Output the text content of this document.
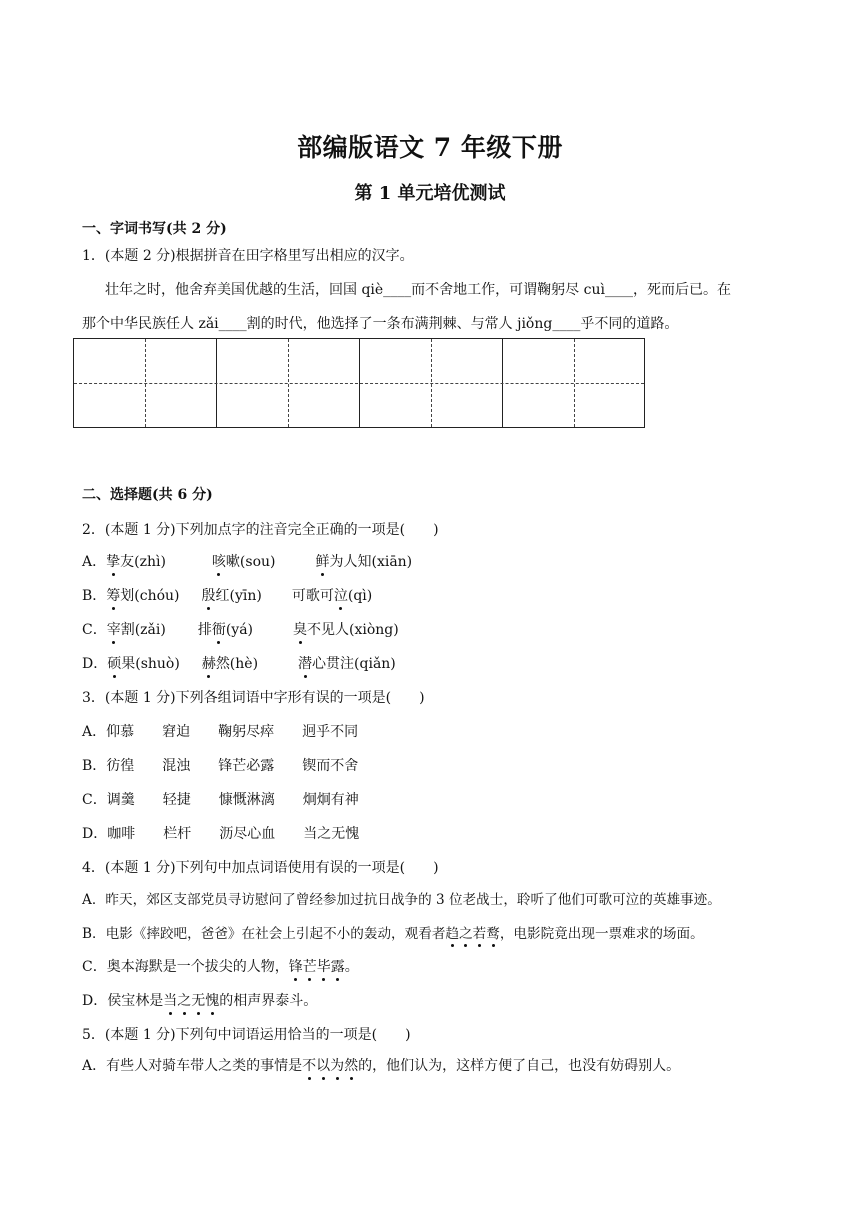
部编版语文 7 年级下册
第 1 单元培优测试
一、字词书写(共 2 分)
1．(本题 2 分)根据拼音在田字格里写出相应的汉字。
壮年之时，他舍弃美国优越的生活，回国 qiè____而不舍地工作，可谓鞠躬尽 cuì____，死而后已。在
那个中华民族任人 zǎi____割的时代，他选择了一条布满荆棘、与常人 jiǒng____乎不同的道路。
二、选择题(共 6 分)
2．(本题 1 分)下列加点字的注音完全正确的一项是(　　)
A．挚友(zhì)	咳嗽(sou)	鲜为人知(xiān)
B．筹划(chóu) 殷红(yīn) 可歌可泣(qì)
C．宰割(zǎi) 排衙(yá)	臭不见人(xiòng)
D．硕果(shuò) 赫然(hè)	潜心贯注(qiǎn)
3．(本题 1 分)下列各组词语中字形有误的一项是(　　)
A．仰慕　　窘迫　　鞠躬尽瘁　　迥乎不同
B．彷徨　　混浊　　锋芒必露　　锲而不舍
C．调羹　　轻捷　　慷慨淋漓　　炯炯有神
D．咖啡　　栏杆　　沥尽心血　　当之无愧
4．(本题 1 分)下列句中加点词语使用有误的一项是(　　)
A．昨天，郊区支部党员寻访慰问了曾经参加过抗日战争的 3 位老战士，聆听了他们可歌可泣的英雄事迹。
B．电影《摔跤吧，爸爸》在社会上引起不小的轰动，观看者趋之若鹜，电影院竟出现一票难求的场面。
C．奥本海默是一个拔尖的人物，锋芒毕露。
D．侯宝林是当之无愧的相声界泰斗。
5．(本题 1 分)下列句中词语运用恰当的一项是(　　)
A．有些人对骑车带人之类的事情是不以为然的，他们认为，这样方便了自己，也没有妨碍别人。
